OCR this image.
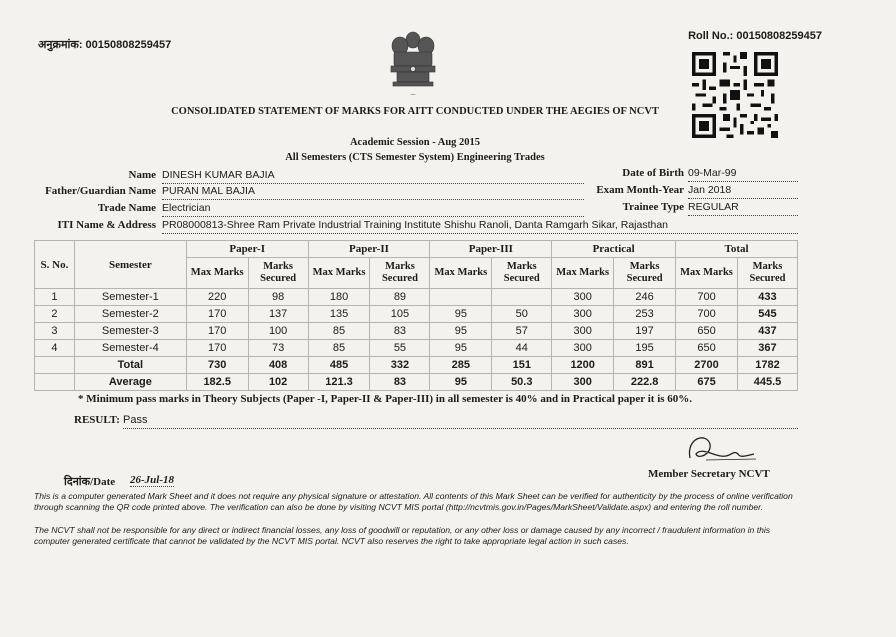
अनुक्रमांक: 00150808259457
Roll No.: 00150808259457
—
CONSOLIDATED STATEMENT OF MARKS FOR AITT CONDUCTED UNDER THE AEGIES OF NCVT
Academic Session - Aug 2015
All Semesters (CTS Semester System) Engineering Trades
Name DINESH KUMAR BAJIA
Father/Guardian Name PURAN MAL BAJIA
Trade Name Electrician
ITI Name & Address PR08000813-Shree Ram Private Industrial Training Institute Shishu Ranoli, Danta Ramgarh Sikar, Rajasthan
Date of Birth 09-Mar-99
Exam Month-Year Jan 2018
Trainee Type REGULAR
S. No.	Semester	Paper-I		Paper-II		Paper-III		Practical		Total	
		Max Marks	Marks Secured	Max Marks	Marks Secured	Max Marks	Marks Secured	Max Marks	Marks Secured	Max Marks	Marks Secured
1	Semester-1	220	98	180	89			300	246	700	433
2	Semester-2	170	137	135	105	95	50	300	253	700	545
3	Semester-3	170	100	85	83	95	57	300	197	650	437
4	Semester-4	170	73	85	55	95	44	300	195	650	367
	Total	730	408	485	332	285	151	1200	891	2700	1782
	Average	182.5	102	121.3	83	95	50.3	300	222.8	675	445.5
* Minimum pass marks in Theory Subjects (Paper -I, Paper-II & Paper-III) in all semester is 40% and in Practical paper it is 60%.
RESULT: Pass
Member Secretary NCVT
दिनांक/Date 26-Jul-18
This is a computer generated Mark Sheet and it does not require any physical signature or attestation. All contents of this Mark Sheet can be verified for authenticity by the process of online verification through scanning the QR code printed above. The verification can also be done by visiting NCVT MIS portal (http://ncvtmis.gov.in/Pages/MarkSheet/Validate.aspx) and entering the roll number.
The NCVT shall not be responsible for any direct or indirect financial losses, any loss of goodwill or reputation, or any other loss or damage caused by any incorrect / fraudulent information in this computer generated certificate that cannot be validated by the NCVT MIS portal. NCVT also reserves the right to take appropriate legal action in such cases.
